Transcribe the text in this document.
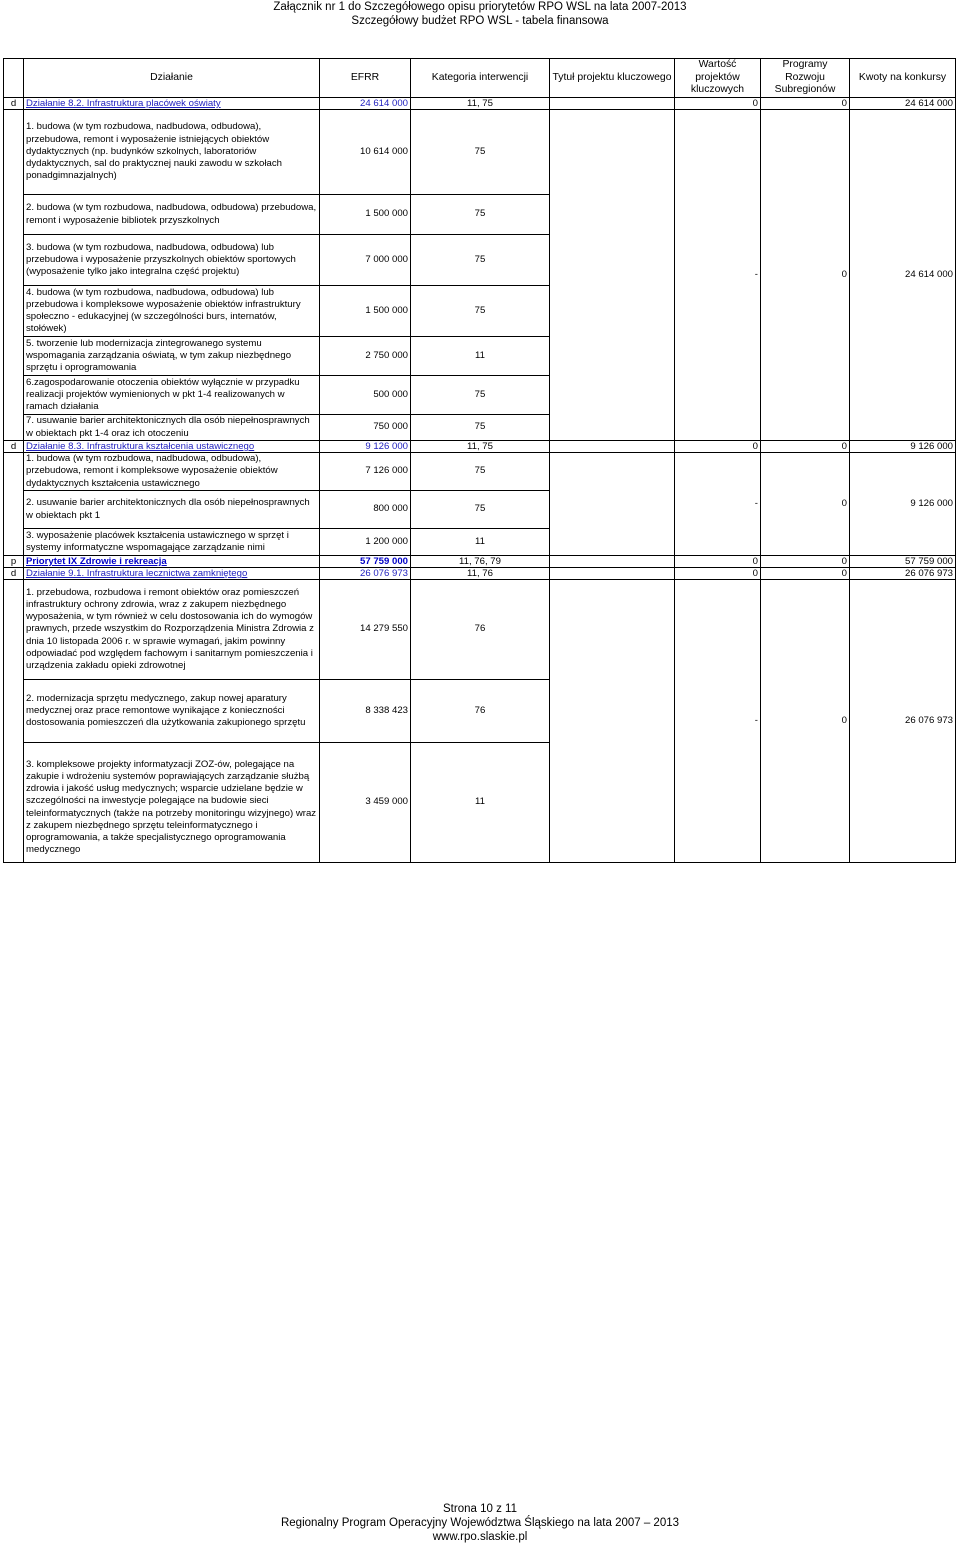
Załącznik nr 1 do Szczegółowego opisu priorytetów RPO WSL na lata 2007-2013
Szczegółowy budżet RPO WSL - tabela finansowa
	Działanie	EFRR	Kategoria interwencji	Tytuł projektu kluczowego	Wartość projektów kluczowych	Programy Rozwoju Subregionów	Kwoty na konkursy
d	Działanie 8.2. Infrastruktura placówek oświaty	24 614 000	11, 75		0	0	24 614 000
	1. budowa (w tym rozbudowa, nadbudowa, odbudowa), przebudowa, remont i wyposażenie istniejących obiektów dydaktycznych (np. budynków szkolnych, laboratoriów dydaktycznych, sal do praktycznej nauki zawodu w szkołach ponadgimnazjalnych)	10 614 000	75		-	0	24 614 000
	2. budowa (w tym rozbudowa, nadbudowa, odbudowa) przebudowa, remont i wyposażenie bibliotek przyszkolnych	1 500 000	75				
	3. budowa (w tym rozbudowa, nadbudowa, odbudowa) lub przebudowa i wyposażenie przyszkolnych obiektów sportowych (wyposażenie tylko jako integralna część projektu)	7 000 000	75				
	4. budowa (w tym rozbudowa, nadbudowa, odbudowa) lub przebudowa i kompleksowe wyposażenie obiektów infrastruktury społeczno - edukacyjnej (w szczególności burs, internatów, stołówek)	1 500 000	75				
	5. tworzenie lub modernizacja zintegrowanego systemu wspomagania zarządzania oświatą, w tym zakup niezbędnego sprzętu i oprogramowania	2 750 000	11				
	6.zagospodarowanie otoczenia obiektów wyłącznie w przypadku realizacji projektów wymienionych w pkt 1-4 realizowanych w ramach działania	500 000	75				
	7. usuwanie barier architektonicznych dla osób niepełnosprawnych w obiektach pkt 1-4 oraz ich otoczeniu	750 000	75				
d	Działanie 8.3. Infrastruktura kształcenia ustawicznego	9 126 000	11, 75		0	0	9 126 000
	1. budowa (w tym rozbudowa, nadbudowa, odbudowa), przebudowa, remont i kompleksowe wyposażenie obiektów dydaktycznych kształcenia ustawicznego	7 126 000	75		-	0	9 126 000
	2. usuwanie barier architektonicznych dla osób niepełnosprawnych w obiektach pkt 1	800 000	75				
	3. wyposażenie placówek kształcenia ustawicznego w sprzęt i systemy informatyczne wspomagające zarządzanie nimi	1 200 000	11				
p	Priorytet IX Zdrowie i rekreacja	57 759 000	11, 76, 79		0	0	57 759 000
d	Działanie 9.1. Infrastruktura lecznictwa zamkniętego	26 076 973	11, 76		0	0	26 076 973
	1. przebudowa, rozbudowa i remont obiektów oraz pomieszczeń infrastruktury ochrony zdrowia, wraz z zakupem niezbędnego wyposażenia, w tym również w celu dostosowania ich do wymogów prawnych, przede wszystkim do Rozporządzenia Ministra Zdrowia z dnia 10 listopada 2006 r. w sprawie wymagań, jakim powinny odpowiadać pod względem fachowym i sanitarnym pomieszczenia i urządzenia zakładu opieki zdrowotnej	14 279 550	76		-	0	26 076 973
	2. modernizacja sprzętu medycznego, zakup nowej aparatury medycznej oraz prace remontowe wynikające z konieczności dostosowania pomieszczeń dla użytkowania zakupionego sprzętu	8 338 423	76				
	3. kompleksowe projekty informatyzacji ZOZ-ów, polegające na zakupie i wdrożeniu systemów poprawiających zarządzanie służbą zdrowia i jakość usług medycznych; wsparcie udzielane będzie w szczególności na inwestycje polegające na budowie sieci teleinformatycznych (także na potrzeby monitoringu wizyjnego) wraz z zakupem niezbędnego sprzętu teleinformatycznego i oprogramowania, a także specjalistycznego oprogramowania medycznego	3 459 000	11				
Strona 10 z 11
Regionalny Program Operacyjny Województwa Śląskiego na lata 2007 – 2013
www.rpo.slaskie.pl
